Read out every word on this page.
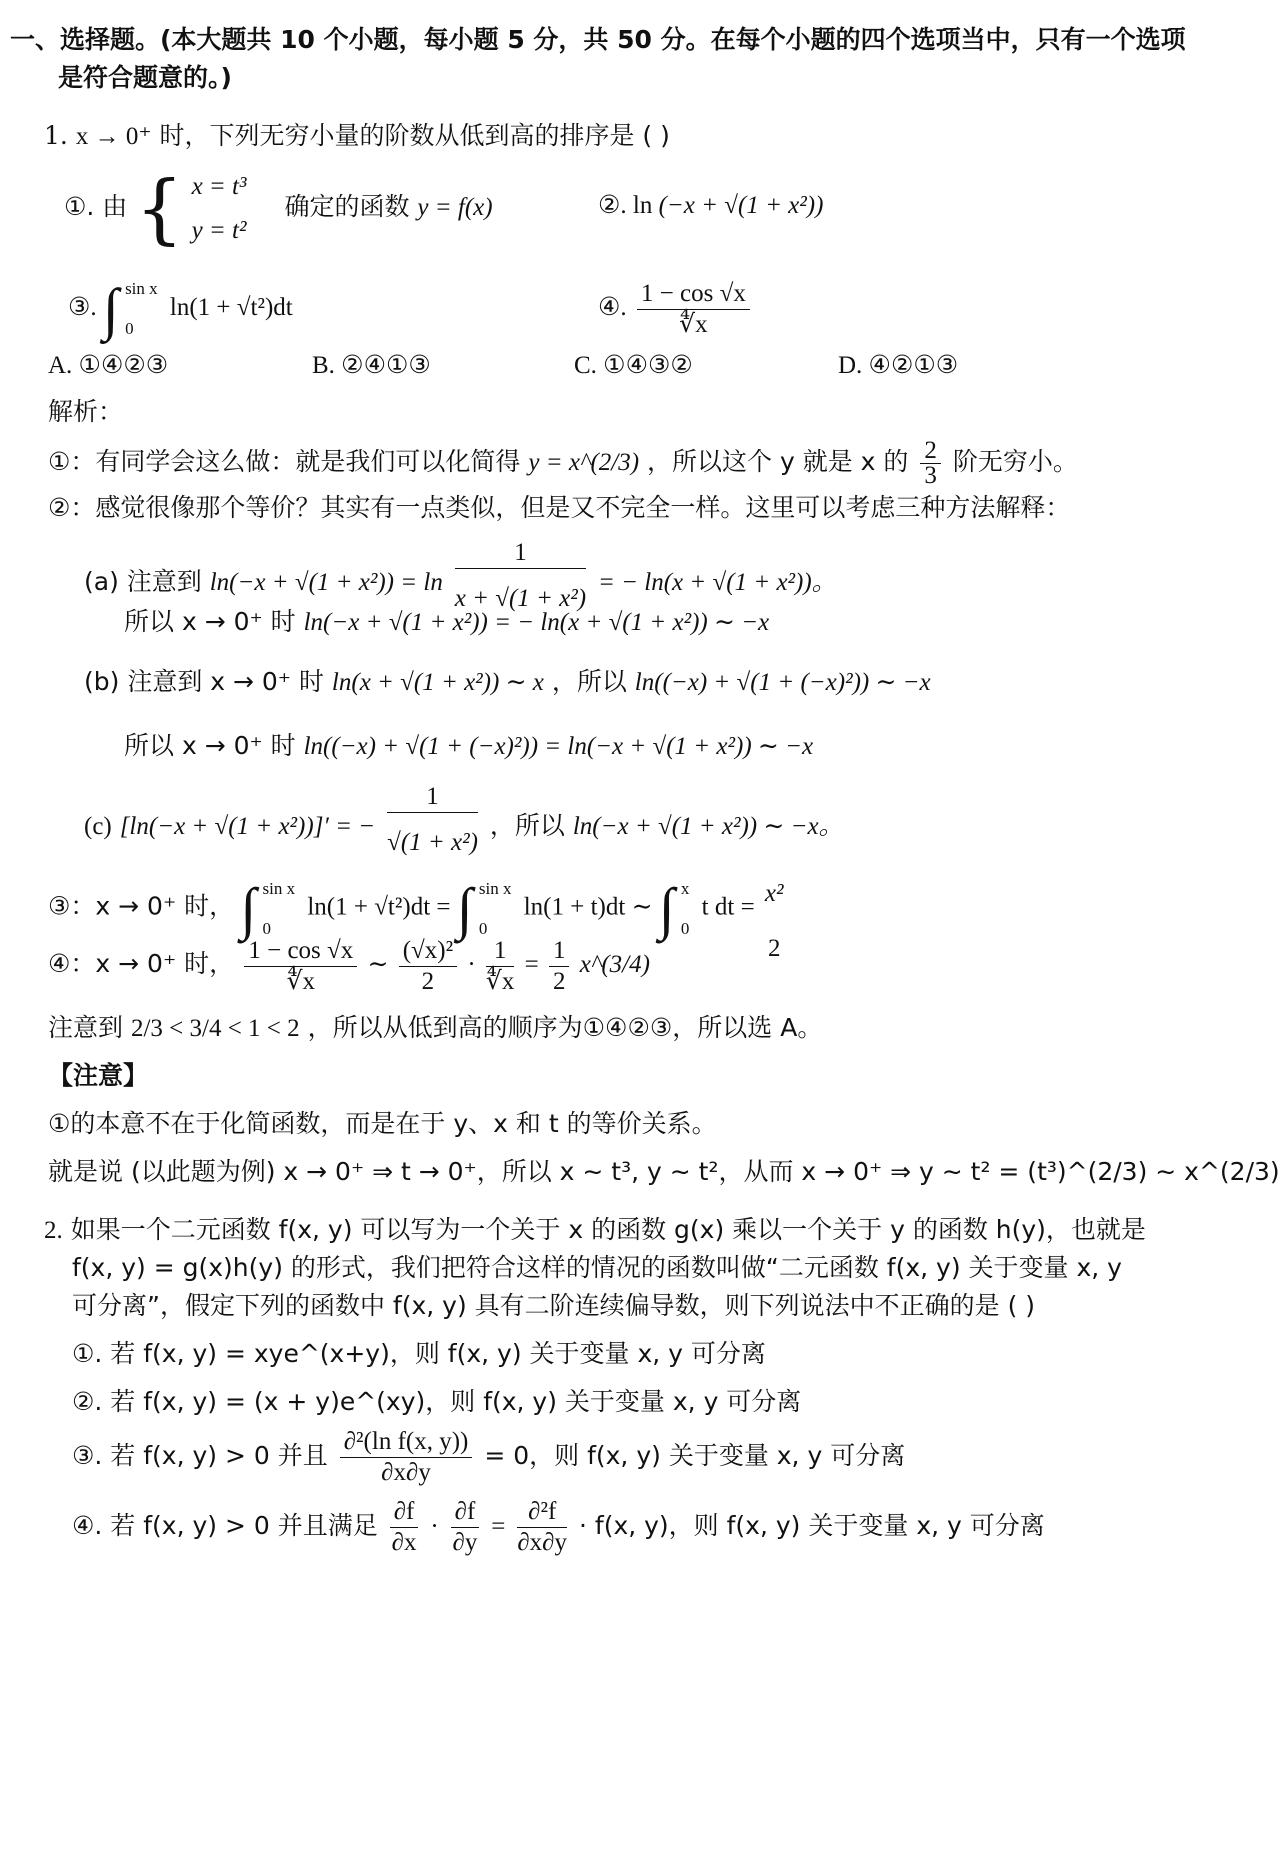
一、选择题。(本大题共 10 个小题，每小题 5 分，共 50 分。在每个小题的四个选项当中，只有一个选项
是符合题意的。)
1. x → 0⁺ 时，下列无穷小量的阶数从低到高的排序是 ( )
①. 由 { x = t³
y = t²
确定的函数 y = f(x)	②. ln (−x + √(1 + x²))
③. ∫ sin x
0
ln(1 + √t²)dt	④. $\frac{1 - \cos √x}{∜x}$
A. ①④②③	B. ②④①③	C. ①④③②	D. ④②①③
解析：
①：有同学会这么做：就是我们可以化简得 y = x^(2/3) ，所以这个 y 就是 x 的 $\frac{2}{3}$ 阶无穷小。
②：感觉很像那个等价？其实有一点类似，但是又不完全一样。这里可以考虑三种方法解释：
(a) 注意到 $\ln(-x + √(1 + x^2)) = \ln \frac{1}{\text{x + √(1 + x²)}}$ = − ln(x + √(1 + x²))。
所以 x → 0⁺ 时 ln(−x + √(1 + x²)) = − ln(x + √(1 + x²)) ∼ −x
(b) 注意到 x → 0⁺ 时 ln(x + √(1 + x²)) ∼ x ，所以 ln((−x) + √(1 + (−x)²)) ∼ −x
所以 x → 0⁺ 时 ln((−x) + √(1 + (−x)²)) = ln(−x + √(1 + x²)) ∼ −x
(c) [ln(−x + √(1 + x²))]′ = − $\frac{1}{\text{√(1 + x²)}}$ ，所以 ln(−x + √(1 + x²)) ∼ −x。
③：x → 0⁺ 时， ∫ sin x
0
ln(1 + √t²)dt = ∫ sin x
0
ln(1 + t)dt ∼ ∫ x
0
t dt = x²
2
④：x → 0⁺ 时， $\frac{1 - \cos √x}{∜x}$ ∼ $\frac{\text{(√x)²}}{2} \cdot \frac{1}{∜x} = \frac{1}{2}$ x^(3/4)
注意到 2/3 < 3/4 < 1 < 2 ，所以从低到高的顺序为①④②③，所以选 A。
【注意】
①的本意不在于化简函数，而是在于 y、x 和 t 的等价关系。
就是说 (以此题为例) x → 0⁺ ⇒ t → 0⁺，所以 x ∼ t³, y ∼ t²，从而 x → 0⁺ ⇒ y ∼ t² = (t³)^(2/3) ∼ x^(2/3)
2. 如果一个二元函数 f(x, y) 可以写为一个关于 x 的函数 g(x) 乘以一个关于 y 的函数 h(y)，也就是
f(x, y) = g(x)h(y) 的形式，我们把符合这样的情况的函数叫做“二元函数 f(x, y) 关于变量 x, y
可分离”，假定下列的函数中 f(x, y) 具有二阶连续偏导数，则下列说法中不正确的是 ( )
①. 若 f(x, y) = xye^(x+y)，则 f(x, y) 关于变量 x, y 可分离
②. 若 f(x, y) = (x + y)e^(xy)，则 f(x, y) 关于变量 x, y 可分离
③. 若 f(x, y) > 0 并且 $\frac{\text{∂²(ln f(x, y))}}{\partial x\partial y} = 0$，则 f(x, y) 关于变量 x, y 可分离
④. 若 f(x, y) > 0 并且满足 $\frac{\partial f}{\partial x} \cdot \frac{\partial f}{\partial y} = \frac{\text{∂²f}}{\partial x\partial y} \cdot f(x$, y)，则 f(x, y) 关于变量 x, y 可分离
